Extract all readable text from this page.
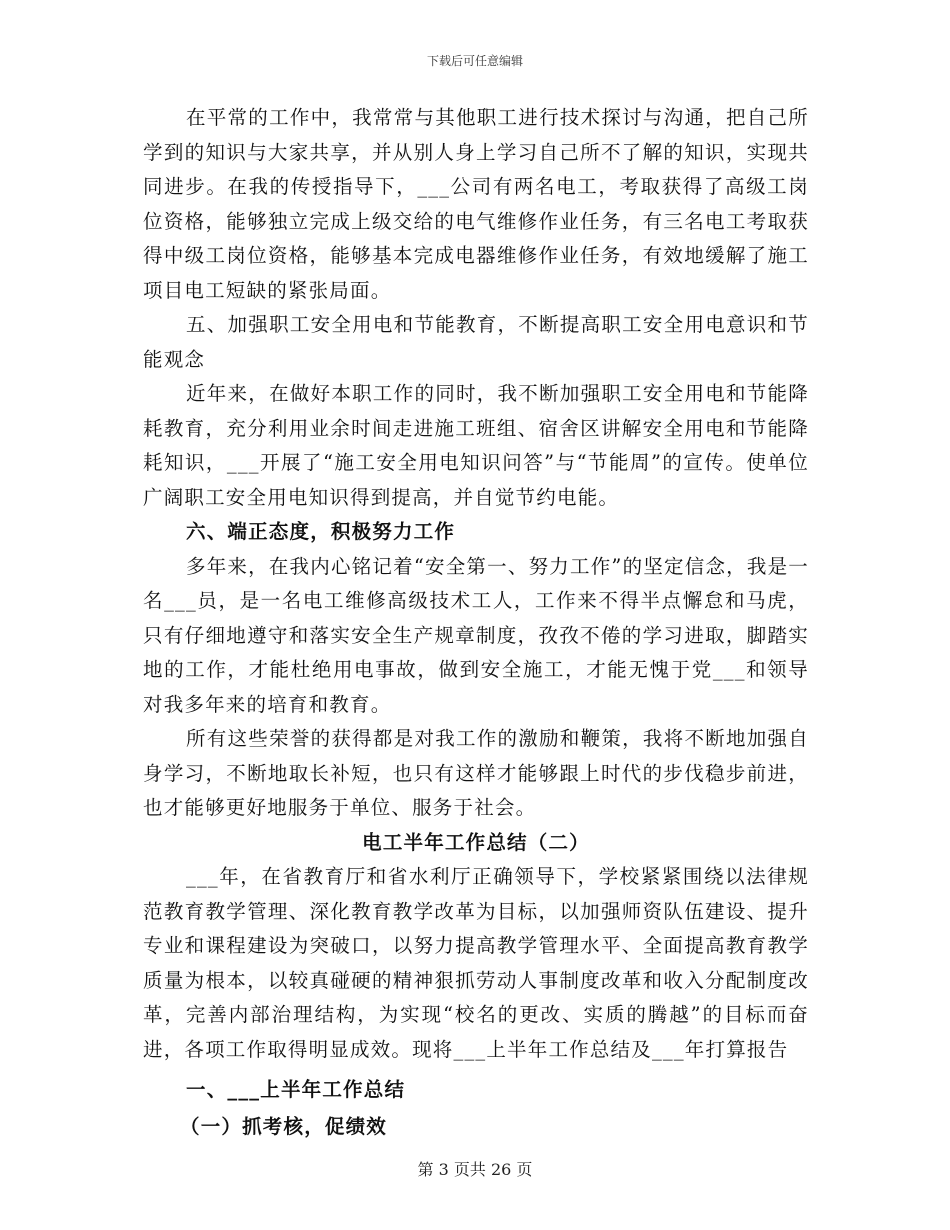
下载后可任意编辑

在平常的工作中，我常常与其他职工进行技术探讨与沟通，把自己所学到的知识与大家共享，并从别人身上学习自己所不了解的知识，实现共同进步。在我的传授指导下，___公司有两名电工，考取获得了高级工岗位资格，能够独立完成上级交给的电气维修作业任务，有三名电工考取获得中级工岗位资格，能够基本完成电器维修作业任务，有效地缓解了施工项目电工短缺的紧张局面。

五、加强职工安全用电和节能教育，不断提高职工安全用电意识和节能观念

近年来，在做好本职工作的同时，我不断加强职工安全用电和节能降耗教育，充分利用业余时间走进施工班组、宿舍区讲解安全用电和节能降耗知识，___开展了“施工安全用电知识问答”与“节能周”的宣传。使单位广阔职工安全用电知识得到提高，并自觉节约电能。

六、端正态度，积极努力工作

多年来，在我内心铭记着“安全第一、努力工作”的坚定信念，我是一名___员，是一名电工维修高级技术工人，工作来不得半点懈怠和马虎，只有仔细地遵守和落实安全生产规章制度，孜孜不倦的学习进取，脚踏实地的工作，才能杜绝用电事故，做到安全施工，才能无愧于党___和领导对我多年来的培育和教育。

所有这些荣誉的获得都是对我工作的激励和鞭策，我将不断地加强自身学习，不断地取长补短，也只有这样才能够跟上时代的步伐稳步前进，也才能够更好地服务于单位、服务于社会。

电工半年工作总结（二）

___年，在省教育厅和省水利厅正确领导下，学校紧紧围绕以法律规范教育教学管理、深化教育教学改革为目标，以加强师资队伍建设、提升专业和课程建设为突破口，以努力提高教学管理水平、全面提高教育教学质量为根本，以较真碰硬的精神狠抓劳动人事制度改革和收入分配制度改革，完善内部治理结构，为实现“校名的更改、实质的腾越”的目标而奋进，各项工作取得明显成效。现将___上半年工作总结及___年打算报告

一、___上半年工作总结

（一）抓考核，促绩效

第 3 页共 26 页
